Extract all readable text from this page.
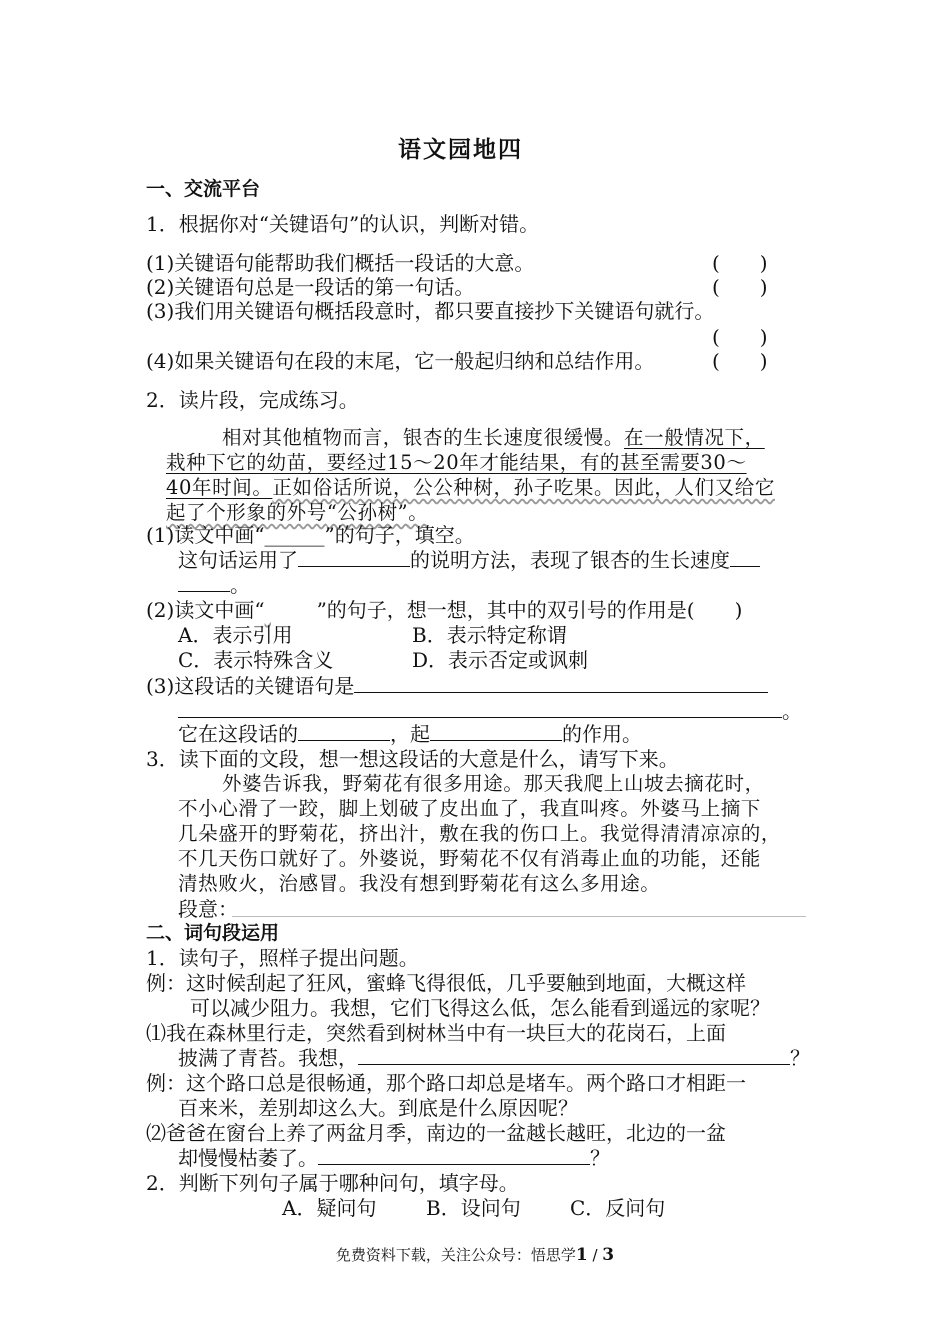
语文园地四
一、交流平台
1．根据你对“关键语句”的认识，判断对错。
(1)关键语句能帮助我们概括一段话的大意。	(　　)
(2)关键语句总是一段话的第一句话。	(　　)
(3)我们用关键语句概括段意时，都只要直接抄下关键语句就行。
(　　)
(4)如果关键语句在段的末尾，它一般起归纳和总结作用。	(　　)
2．读片段，完成练习。
相对其他植物而言，银杏的生长速度很缓慢。在一般情况下，
栽种下它的幼苗，要经过15～20年才能结果，有的甚至需要30～
40年时间。正如俗话所说，公公种树，孙子吃果。因此，人们又给它
起了个形象的外号“公孙树”。
(1)读文中画“______”的句子，填空。
这句话运用了	的说明方法，表现了银杏的生长速度
。
(2)读文中画“	”的句子，想一想，其中的双引号的作用是(　　)
A．表示引用	B．表示特定称谓
C．表示特殊含义	D．表示否定或讽刺
(3)这段话的关键语句是
。
它在这段话的	，起	的作用。
3．读下面的文段，想一想这段话的大意是什么，请写下来。
外婆告诉我，野菊花有很多用途。那天我爬上山坡去摘花时，
不小心滑了一跤，脚上划破了皮出血了，我直叫疼。外婆马上摘下
几朵盛开的野菊花，挤出汁，敷在我的伤口上。我觉得清清凉凉的，
不几天伤口就好了。外婆说，野菊花不仅有消毒止血的功能，还能
清热败火，治感冒。我没有想到野菊花有这么多用途。
段意：
二、词句段运用
1．读句子，照样子提出问题。
例：这时候刮起了狂风，蜜蜂飞得很低，几乎要触到地面，大概这样
可以减少阻力。我想，它们飞得这么低，怎么能看到遥远的家呢？
⑴我在森林里行走，突然看到树林当中有一块巨大的花岗石，上面
披满了青苔。我想，	？
例：这个路口总是很畅通，那个路口却总是堵车。两个路口才相距一
百来米，差别却这么大。到底是什么原因呢？
⑵爸爸在窗台上养了两盆月季，南边的一盆越长越旺，北边的一盆
却慢慢枯萎了。	？
2．判断下列句子属于哪种问句，填字母。
A．疑问句 B．设问句 C．反问句
免费资料下载，关注公众号：悟思学1 / 3
